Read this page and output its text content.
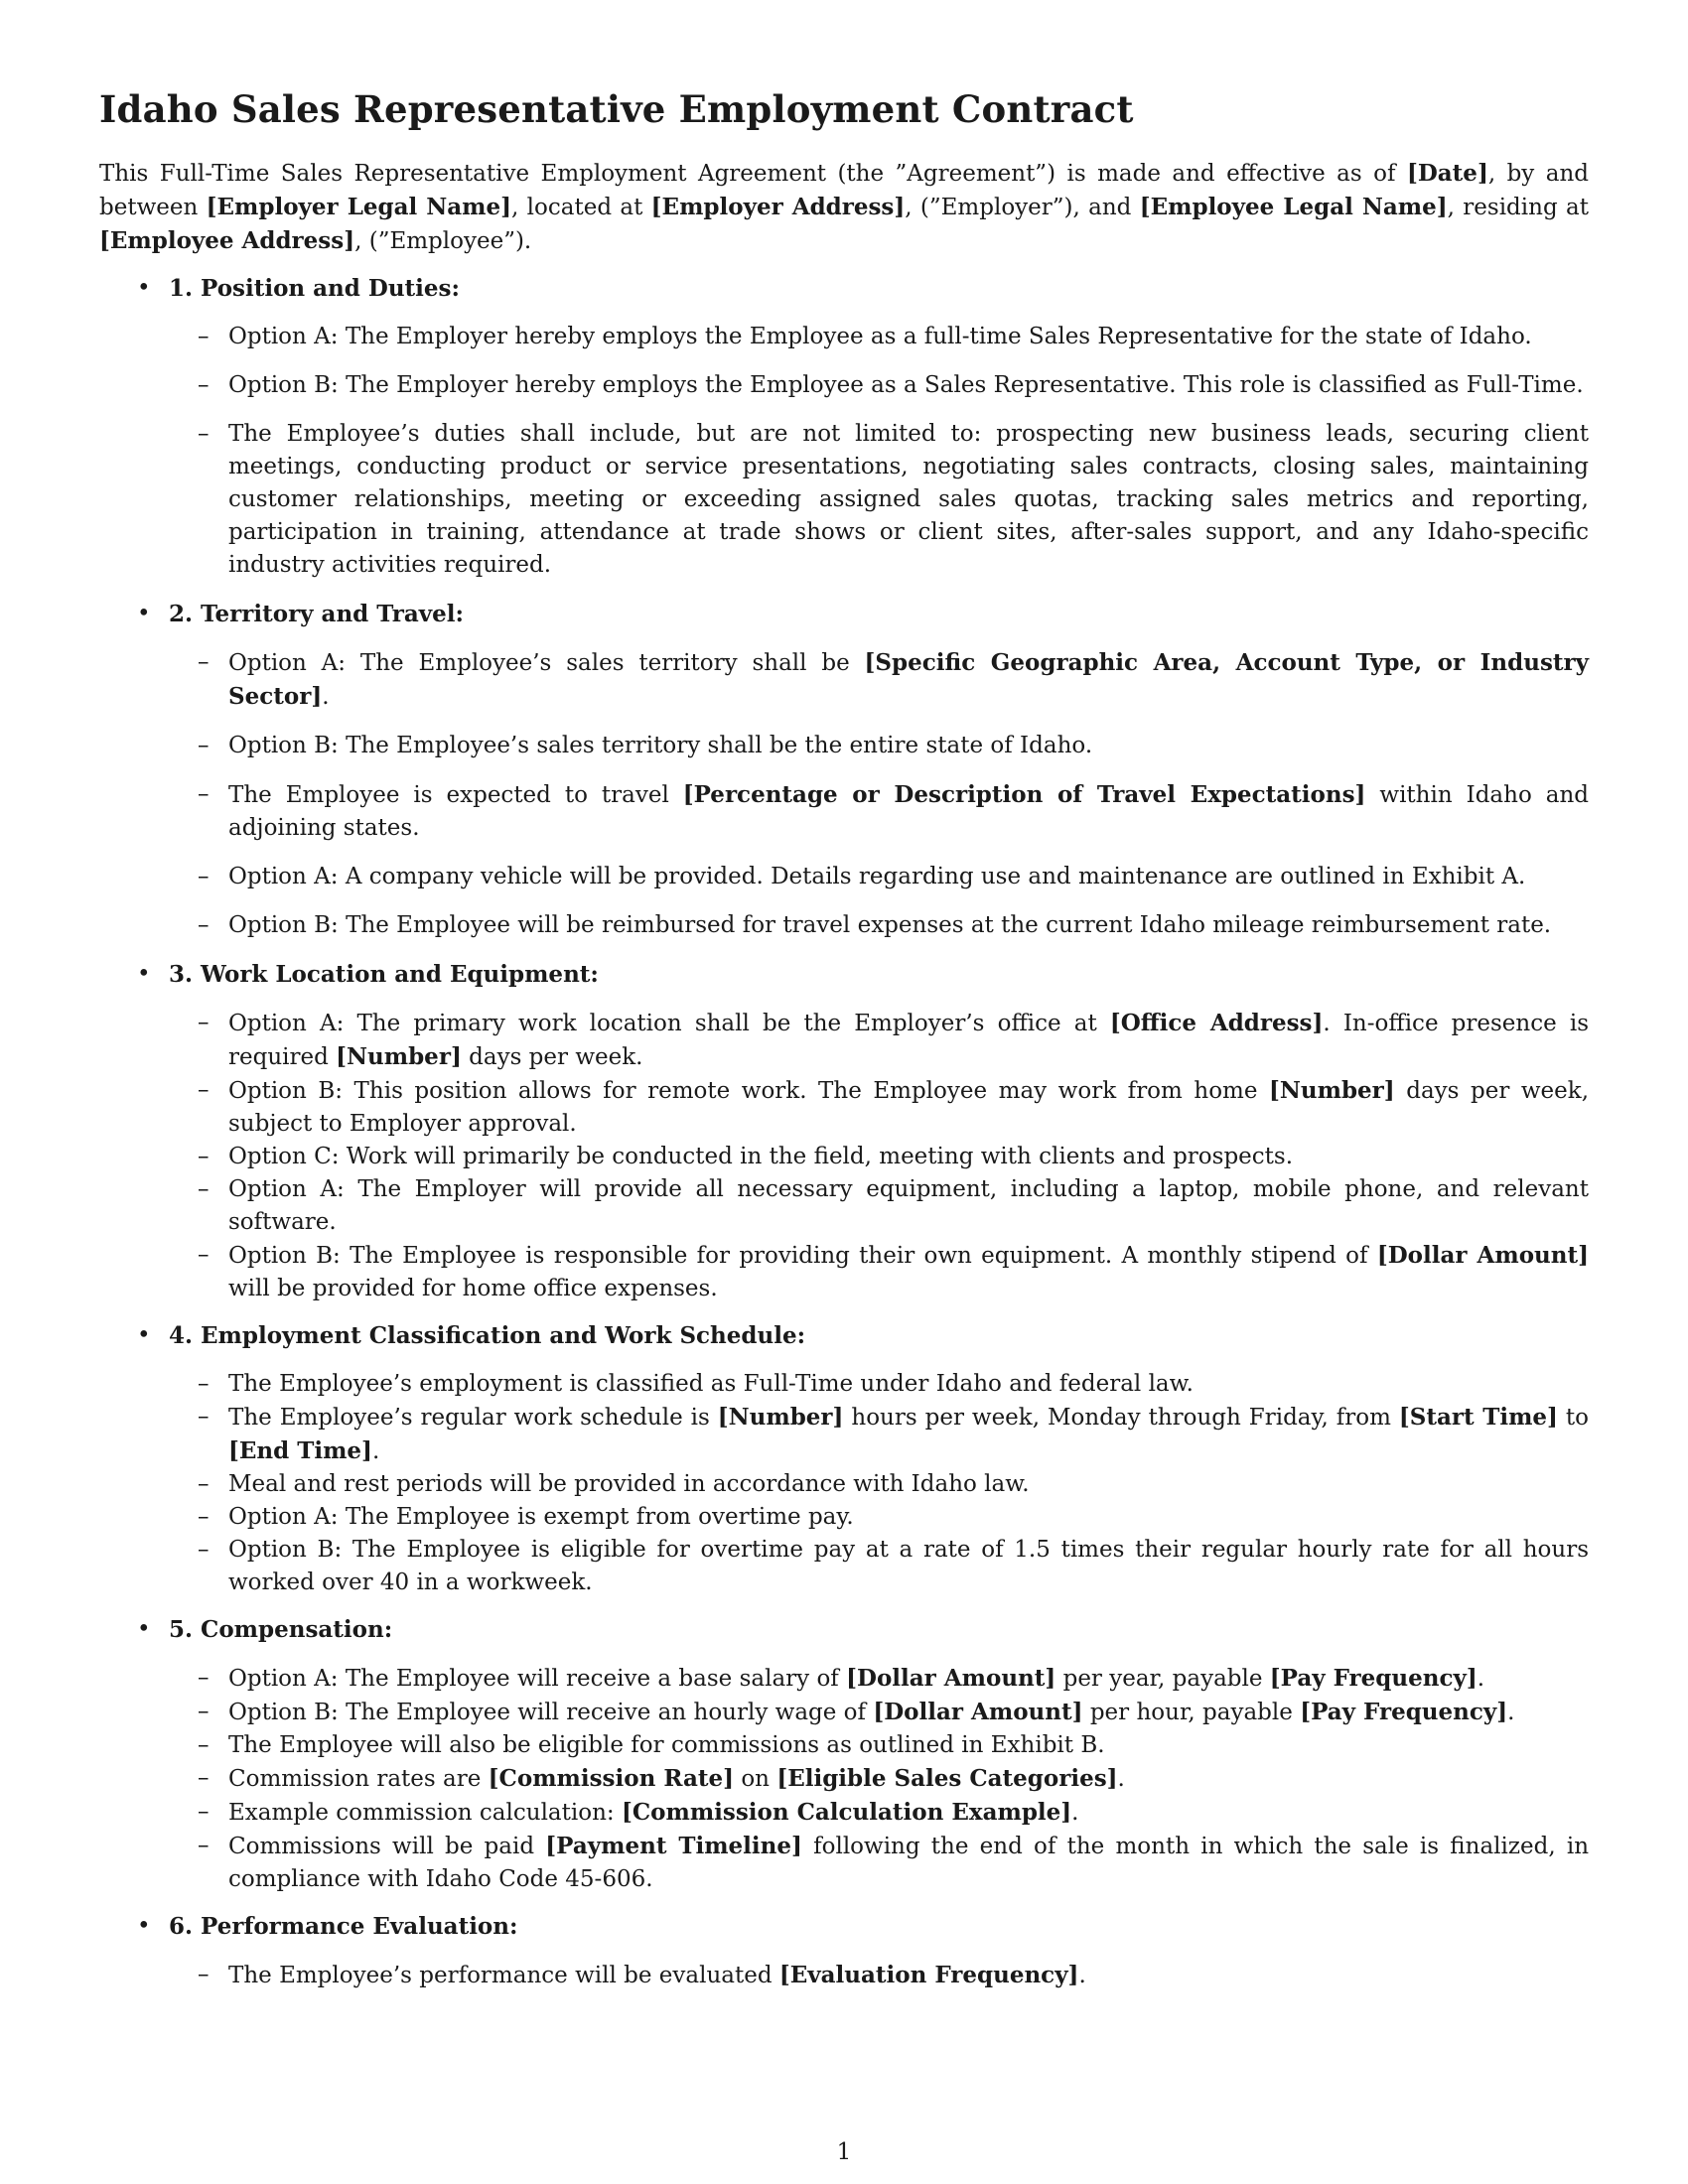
Idaho Sales Representative Employment Contract

This Full-Time Sales Representative Employment Agreement (the ”Agreement”) is made and effective as of [Date], by and between [Employer Legal Name], located at [Employer Address], (”Employer”), and [Employee Legal Name], residing at [Employee Address], (”Employee”).

• 1. Position and Duties:
– Option A: The Employer hereby employs the Employee as a full-time Sales Representative for the state of Idaho.
– Option B: The Employer hereby employs the Employee as a Sales Representative. This role is classified as Full-Time.
– The Employee’s duties shall include, but are not limited to: prospecting new business leads, securing client meetings, conducting product or service presentations, negotiating sales contracts, closing sales, maintaining customer relationships, meeting or exceeding assigned sales quotas, tracking sales metrics and reporting, participation in training, attendance at trade shows or client sites, after-sales support, and any Idaho-specific industry activities required.
• 2. Territory and Travel:
– Option A: The Employee’s sales territory shall be [Specific Geographic Area, Account Type, or Industry Sector].
– Option B: The Employee’s sales territory shall be the entire state of Idaho.
– The Employee is expected to travel [Percentage or Description of Travel Expectations] within Idaho and adjoining states.
– Option A: A company vehicle will be provided. Details regarding use and maintenance are outlined in Exhibit A.
– Option B: The Employee will be reimbursed for travel expenses at the current Idaho mileage reimbursement rate.
• 3. Work Location and Equipment:
– Option A: The primary work location shall be the Employer’s office at [Office Address]. In-office presence is required [Number] days per week.
– Option B: This position allows for remote work. The Employee may work from home [Number] days per week, subject to Employer approval.
– Option C: Work will primarily be conducted in the field, meeting with clients and prospects.
– Option A: The Employer will provide all necessary equipment, including a laptop, mobile phone, and relevant software.
– Option B: The Employee is responsible for providing their own equipment. A monthly stipend of [Dollar Amount] will be provided for home office expenses.
• 4. Employment Classification and Work Schedule:
– The Employee’s employment is classified as Full-Time under Idaho and federal law.
– The Employee’s regular work schedule is [Number] hours per week, Monday through Friday, from [Start Time] to [End Time].
– Meal and rest periods will be provided in accordance with Idaho law.
– Option A: The Employee is exempt from overtime pay.
– Option B: The Employee is eligible for overtime pay at a rate of 1.5 times their regular hourly rate for all hours worked over 40 in a workweek.
• 5. Compensation:
– Option A: The Employee will receive a base salary of [Dollar Amount] per year, payable [Pay Frequency].
– Option B: The Employee will receive an hourly wage of [Dollar Amount] per hour, payable [Pay Frequency].
– The Employee will also be eligible for commissions as outlined in Exhibit B.
– Commission rates are [Commission Rate] on [Eligible Sales Categories].
– Example commission calculation: [Commission Calculation Example].
– Commissions will be paid [Payment Timeline] following the end of the month in which the sale is finalized, in compliance with Idaho Code 45-606.
• 6. Performance Evaluation:
– The Employee’s performance will be evaluated [Evaluation Frequency].
1
